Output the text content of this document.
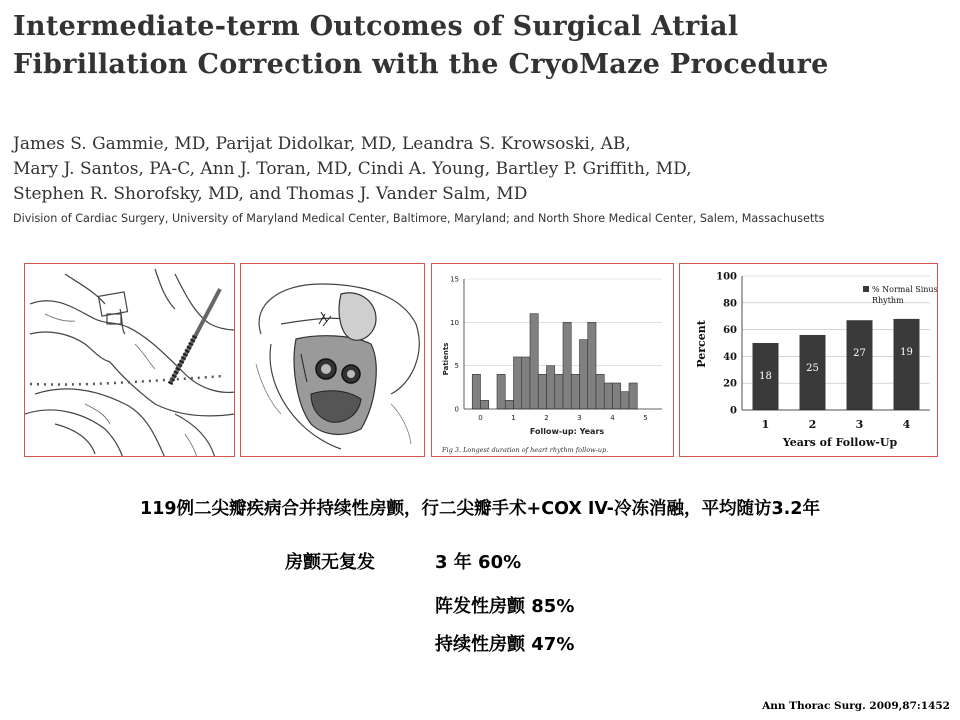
Intermediate-term Outcomes of Surgical Atrial Fibrillation Correction with the CryoMaze Procedure
James S. Gammie, MD, Parijat Didolkar, MD, Leandra S. Krowsoski, AB,
Mary J. Santos, PA-C, Ann J. Toran, MD, Cindi A. Young, Bartley P. Griffith, MD,
Stephen R. Shorofsky, MD, and Thomas J. Vander Salm, MD
Division of Cardiac Surgery, University of Maryland Medical Center, Baltimore, Maryland; and North Shore Medical Center, Salem, Massachusetts
0
5
10
15
0	1	2	3	4	5
Patients
Follow-up: Years
Fig 3. Longest duration of heart rhythm follow-up.
18
25
27	19
0
20
40
60
80
100
1	2	3	4
Percent
Years of Follow-Up
% Normal Sinus Rhythm

119例二尖瓣疾病合并持续性房颤，行二尖瓣手术+COX IV-冷冻消融，平均随访3.2年

房颤无复发	3 年 60%
阵发性房颤 85%
持续性房颤 47%
Ann Thorac Surg. 2009,87:1452
